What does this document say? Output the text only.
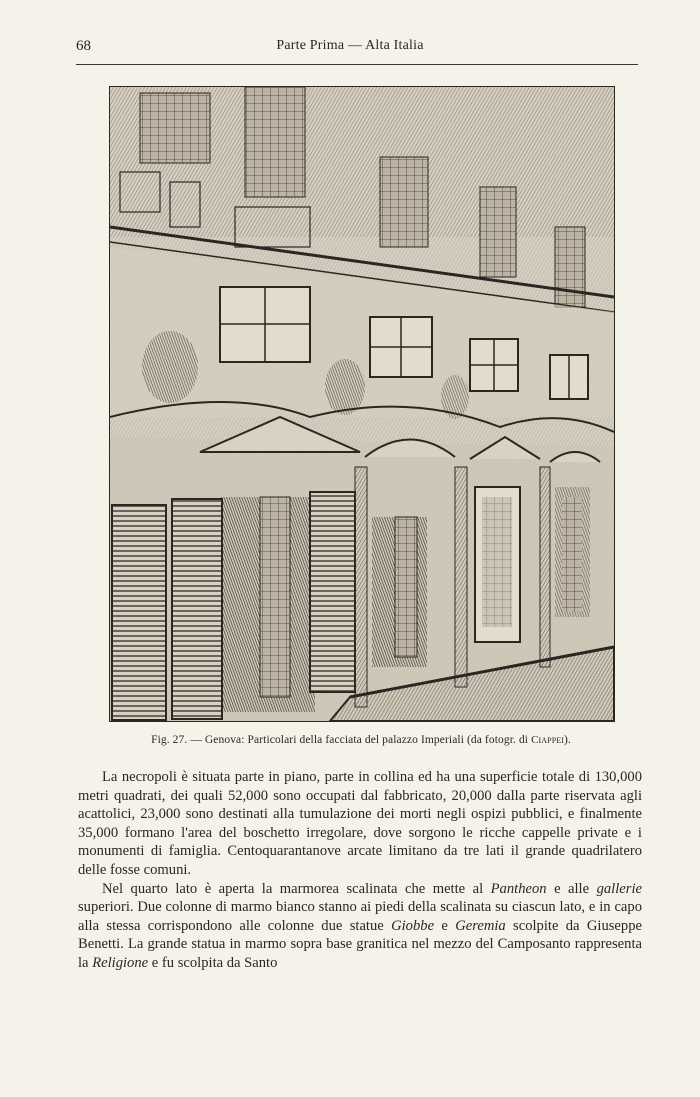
68	Parte Prima — Alta Italia
Fig. 27. — Genova: Particolari della facciata del palazzo Imperiali (da fotogr. di Ciappei).

La necropoli è situata parte in piano, parte in collina ed ha una superficie totale di 130,000 metri quadrati, dei quali 52,000 sono occupati dal fabbricato, 20,000 dalla parte riservata agli acattolici, 23,000 sono destinati alla tumulazione dei morti negli ospizi pubblici, e finalmente 35,000 formano l'area del boschetto irregolare, dove sorgono le ricche cappelle private e i monumenti di famiglia. Centoquarantanove arcate limitano da tre lati il grande quadrilatero delle fosse comuni.

Nel quarto lato è aperta la marmorea scalinata che mette al Pantheon e alle gallerie superiori. Due colonne di marmo bianco stanno ai piedi della scalinata su ciascun lato, e in capo alla stessa corrispondono alle colonne due statue Giobbe e Geremia scolpite da Giuseppe Benetti. La grande statua in marmo sopra base granitica nel mezzo del Camposanto rappresenta la Religione e fu scolpita da Santo
